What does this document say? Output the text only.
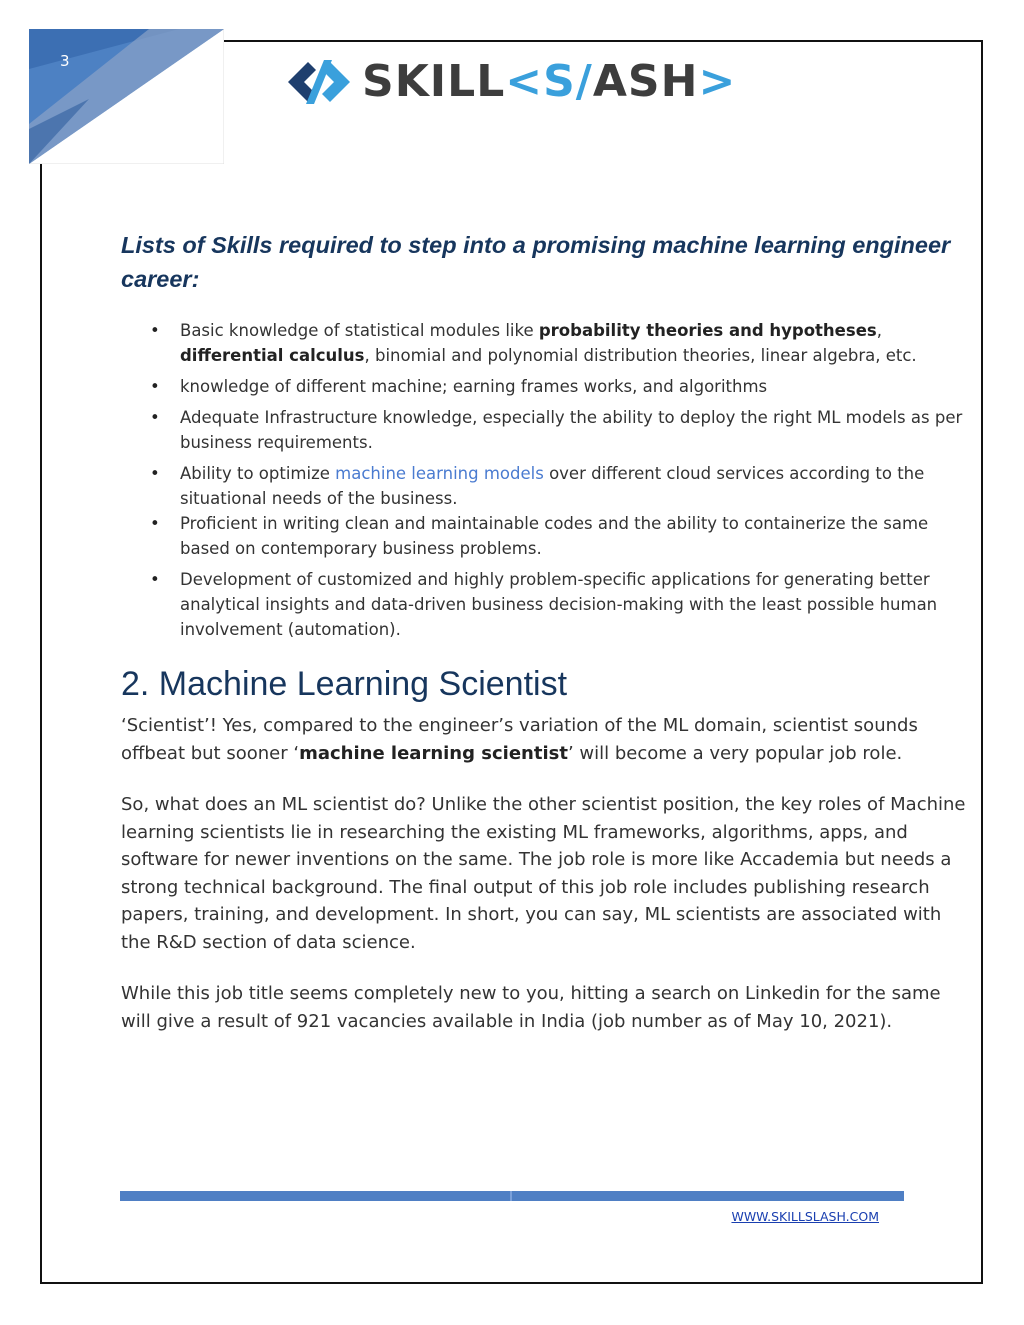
3	SKILL<S/ASH>
Lists of Skills required to step into a promising machine learning engineer career:
• Basic knowledge of statistical modules like probability theories and hypotheses, differential calculus, binomial and polynomial distribution theories, linear algebra, etc.
• knowledge of different machine; earning frames works, and algorithms
• Adequate Infrastructure knowledge, especially the ability to deploy the right ML models as per business requirements.
• Ability to optimize machine learning models over different cloud services according to the situational needs of the business.
• Proficient in writing clean and maintainable codes and the ability to containerize the same based on contemporary business problems.
• Development of customized and highly problem-specific applications for generating better analytical insights and data-driven business decision-making with the least possible human involvement (automation).
2. Machine Learning Scientist

‘Scientist’! Yes, compared to the engineer’s variation of the ML domain, scientist sounds offbeat but sooner ‘machine learning scientist’ will become a very popular job role.

So, what does an ML scientist do? Unlike the other scientist position, the key roles of Machine learning scientists lie in researching the existing ML frameworks, algorithms, apps, and software for newer inventions on the same. The job role is more like Accademia but needs a strong technical background. The final output of this job role includes publishing research papers, training, and development. In short, you can say, ML scientists are associated with the R&D section of data science.

While this job title seems completely new to you, hitting a search on Linkedin for the same will give a result of 921 vacancies available in India (job number as of May 10, 2021).

WWW.SKILLSLASH.COM
